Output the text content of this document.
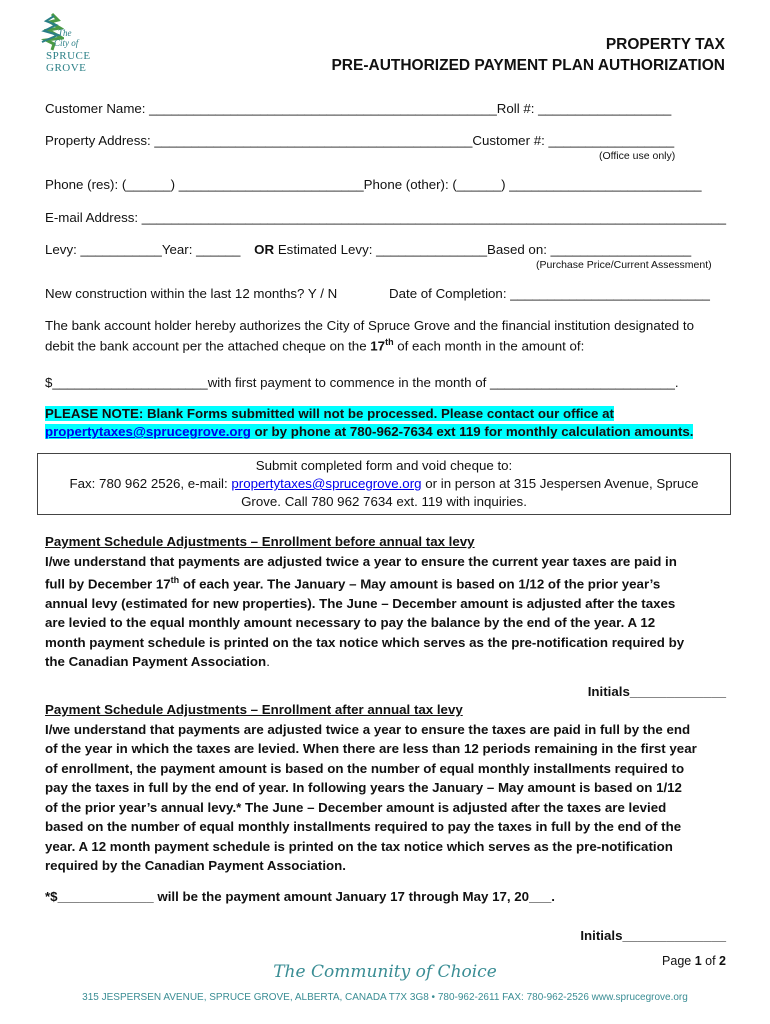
The
City of
SPRUCE
GROVE
PROPERTY TAX
PRE-AUTHORIZED PAYMENT PLAN AUTHORIZATION
Customer Name: _______________________________________________Roll #: __________________
Property Address: ___________________________________________Customer #: _________________
(Office use only)
Phone (res): (______) _________________________Phone (other): (______) __________________________
E-mail Address: _______________________________________________________________________________
Levy: ___________Year: ______ OR Estimated Levy: _______________Based on: ___________________
(Purchase Price/Current Assessment)
New construction within the last 12 months? Y / N	Date of Completion: ___________________________
The bank account holder hereby authorizes the City of Spruce Grove and the financial institution designated to
debit the bank account per the attached cheque on the 17th of each month in the amount of:
$_____________________with first payment to commence in the month of _________________________.
PLEASE NOTE: Blank Forms submitted will not be processed. Please contact our office at
propertytaxes@sprucegrove.org or by phone at 780-962-7634 ext 119 for monthly calculation amounts.
Submit completed form and void cheque to:
Fax: 780 962 2526, e-mail: propertytaxes@sprucegrove.org or in person at 315 Jespersen Avenue, Spruce
Grove. Call 780 962 7634 ext. 119 with inquiries.
Payment Schedule Adjustments – Enrollment before annual tax levy
I/we understand that payments are adjusted twice a year to ensure the current year taxes are paid in
full by December 17th of each year. The January – May amount is based on 1/12 of the prior year’s
annual levy (estimated for new properties). The June – December amount is adjusted after the taxes
are levied to the equal monthly amount necessary to pay the balance by the end of the year. A 12
month payment schedule is printed on the tax notice which serves as the pre-notification required by
the Canadian Payment Association.
Initials_____________
Payment Schedule Adjustments – Enrollment after annual tax levy
I/we understand that payments are adjusted twice a year to ensure the taxes are paid in full by the end
of the year in which the taxes are levied. When there are less than 12 periods remaining in the first year
of enrollment, the payment amount is based on the number of equal monthly installments required to
pay the taxes in full by the end of year. In following years the January – May amount is based on 1/12
of the prior year’s annual levy.* The June – December amount is adjusted after the taxes are levied
based on the number of equal monthly installments required to pay the taxes in full by the end of the
year. A 12 month payment schedule is printed on the tax notice which serves as the pre-notification
required by the Canadian Payment Association.
*$_____________ will be the payment amount January 17 through May 17, 20___.
Initials______________
Page 1 of 2
The Community of Choice
315 JESPERSEN AVENUE, SPRUCE GROVE, ALBERTA, CANADA T7X 3G8 • 780-962-2611 FAX: 780-962-2526 www.sprucegrove.org
